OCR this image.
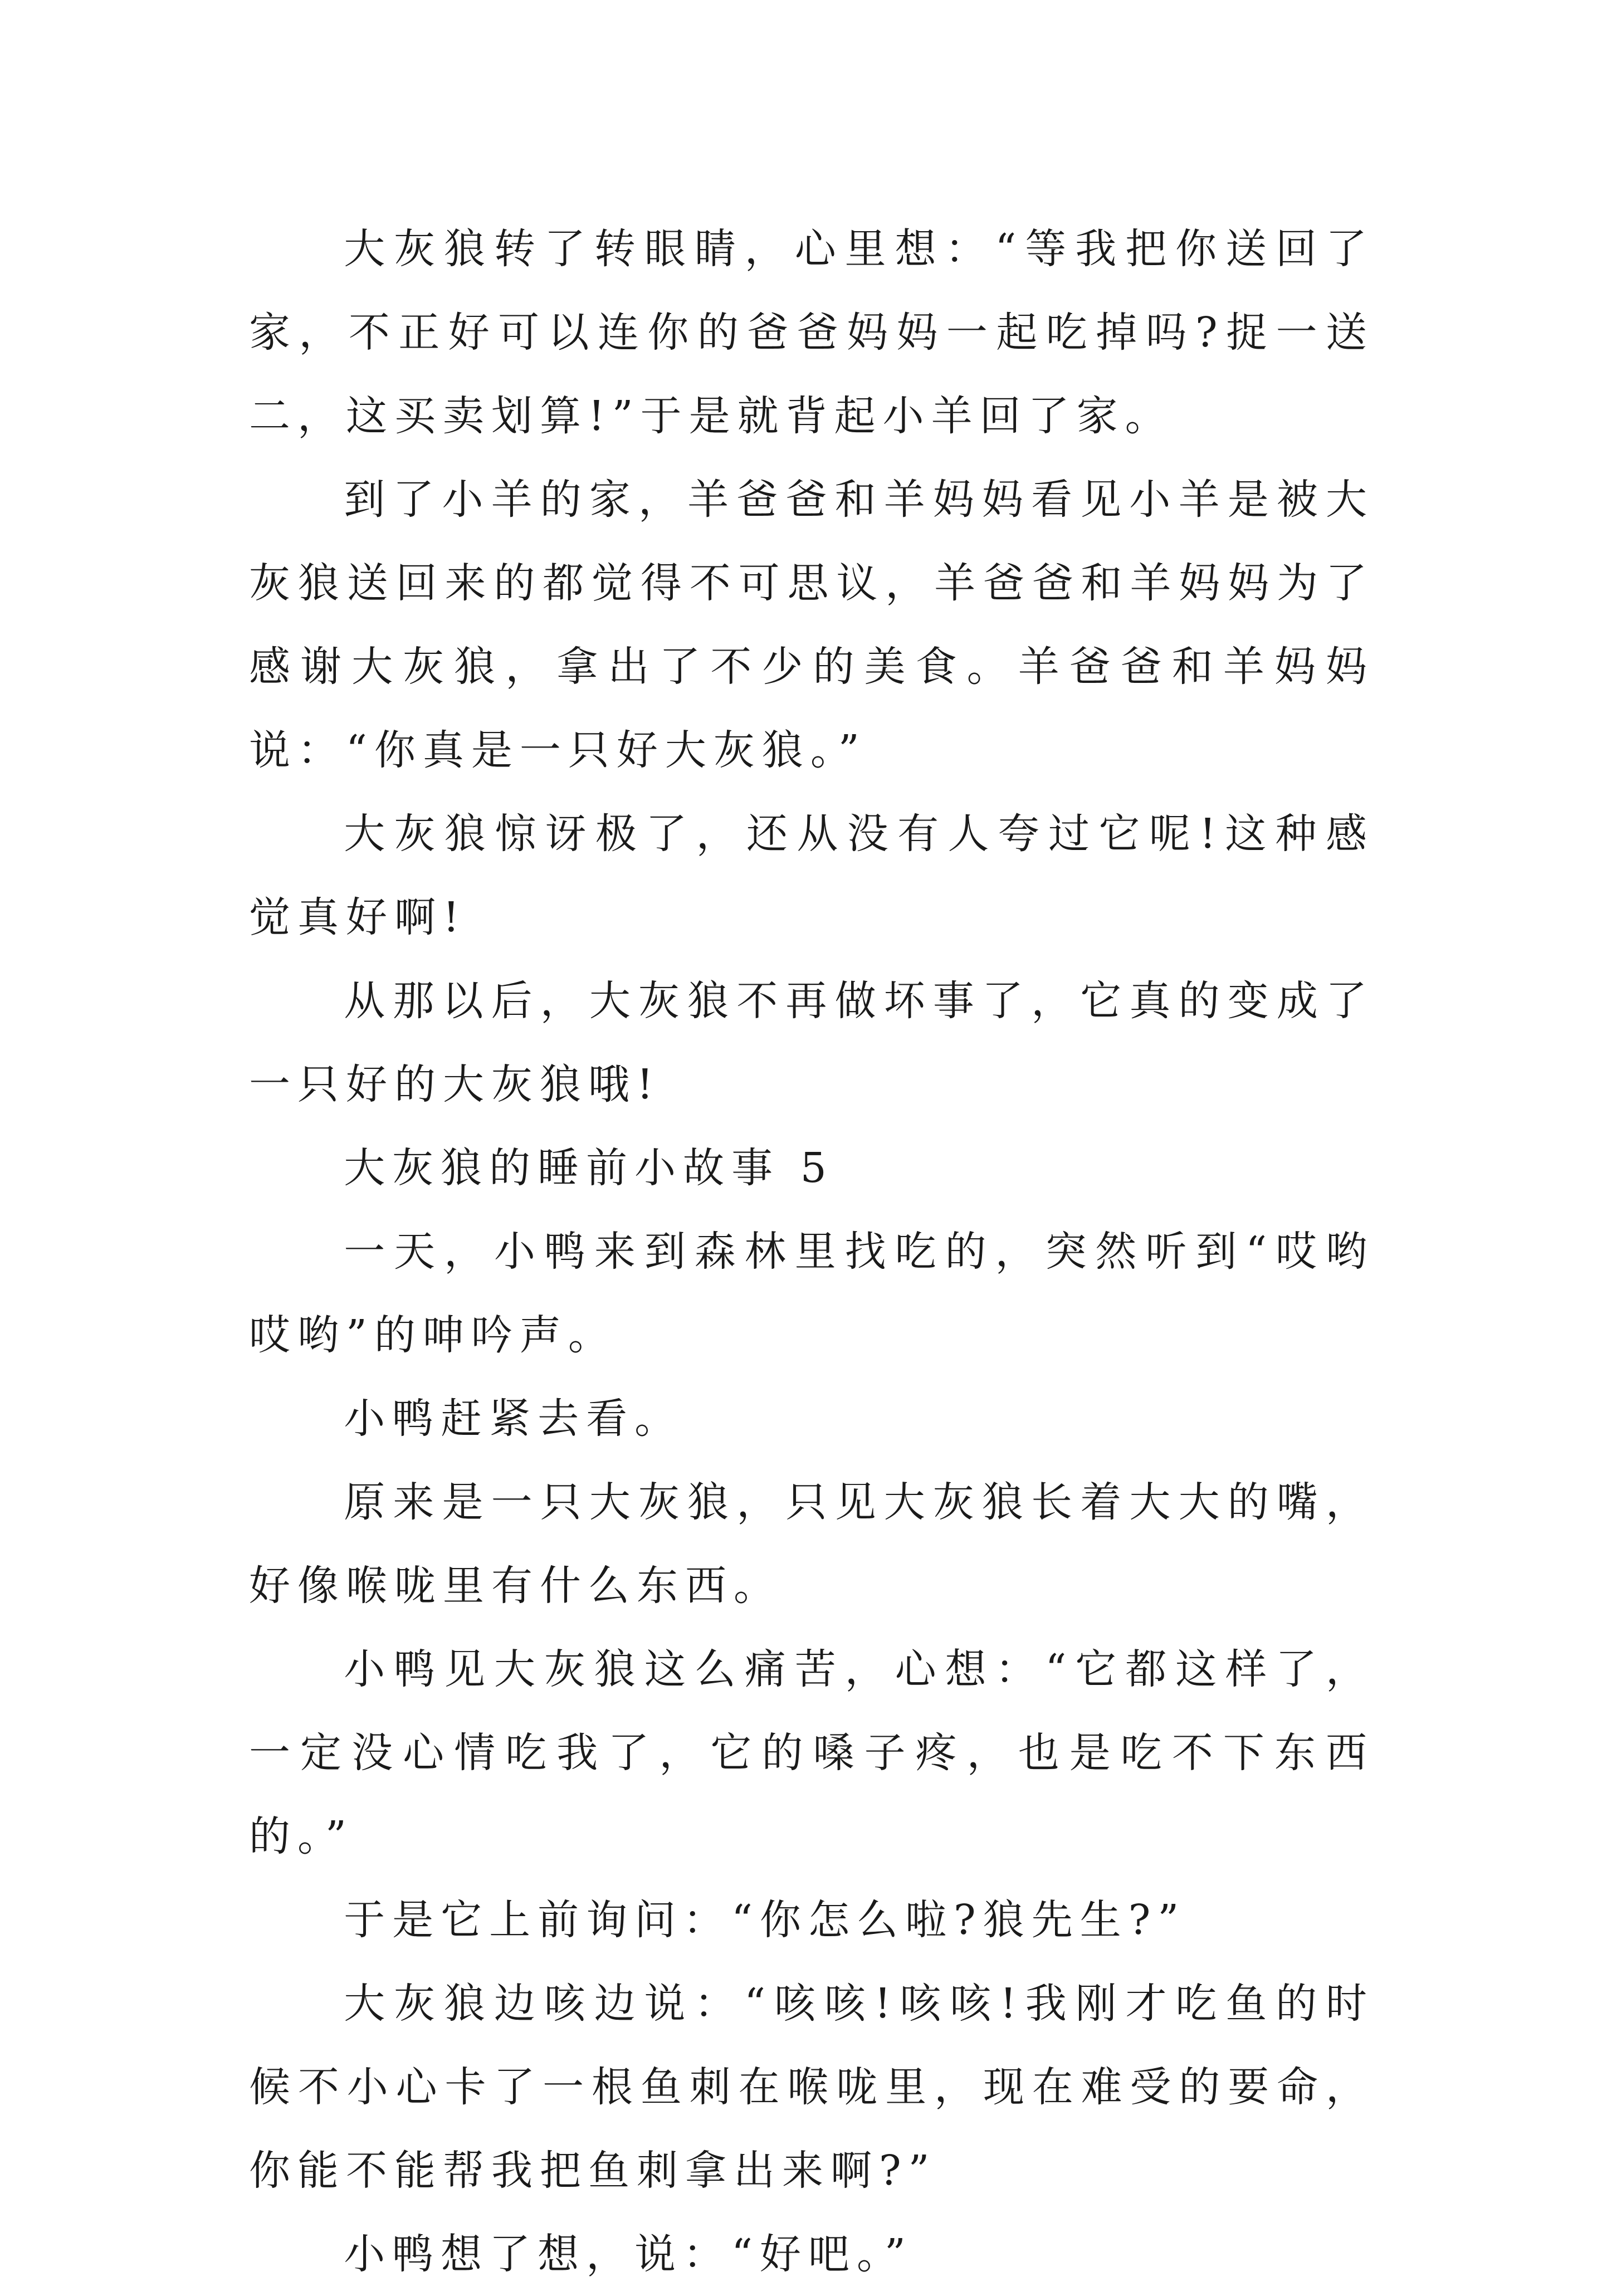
大灰狼转了转眼睛，心里想：“等我把你送回了家，不正好可以连你的爸爸妈妈一起吃掉吗?捉一送二，这买卖划算!”于是就背起小羊回了家。

到了小羊的家，羊爸爸和羊妈妈看见小羊是被大灰狼送回来的都觉得不可思议，羊爸爸和羊妈妈为了感谢大灰狼，拿出了不少的美食。羊爸爸和羊妈妈说：“你真是一只好大灰狼。”

大灰狼惊讶极了，还从没有人夸过它呢!这种感觉真好啊!

从那以后，大灰狼不再做坏事了，它真的变成了一只好的大灰狼哦!

大灰狼的睡前小故事 5

一天，小鸭来到森林里找吃的，突然听到“哎哟哎哟”的呻吟声。

小鸭赶紧去看。

原来是一只大灰狼，只见大灰狼长着大大的嘴，好像喉咙里有什么东西。

小鸭见大灰狼这么痛苦，心想：“它都这样了，一定没心情吃我了，它的嗓子疼，也是吃不下东西的。”

于是它上前询问：“你怎么啦?狼先生?”

大灰狼边咳边说：“咳咳!咳咳!我刚才吃鱼的时候不小心卡了一根鱼刺在喉咙里，现在难受的要命，你能不能帮我把鱼刺拿出来啊?”

小鸭想了想，说：“好吧。”
